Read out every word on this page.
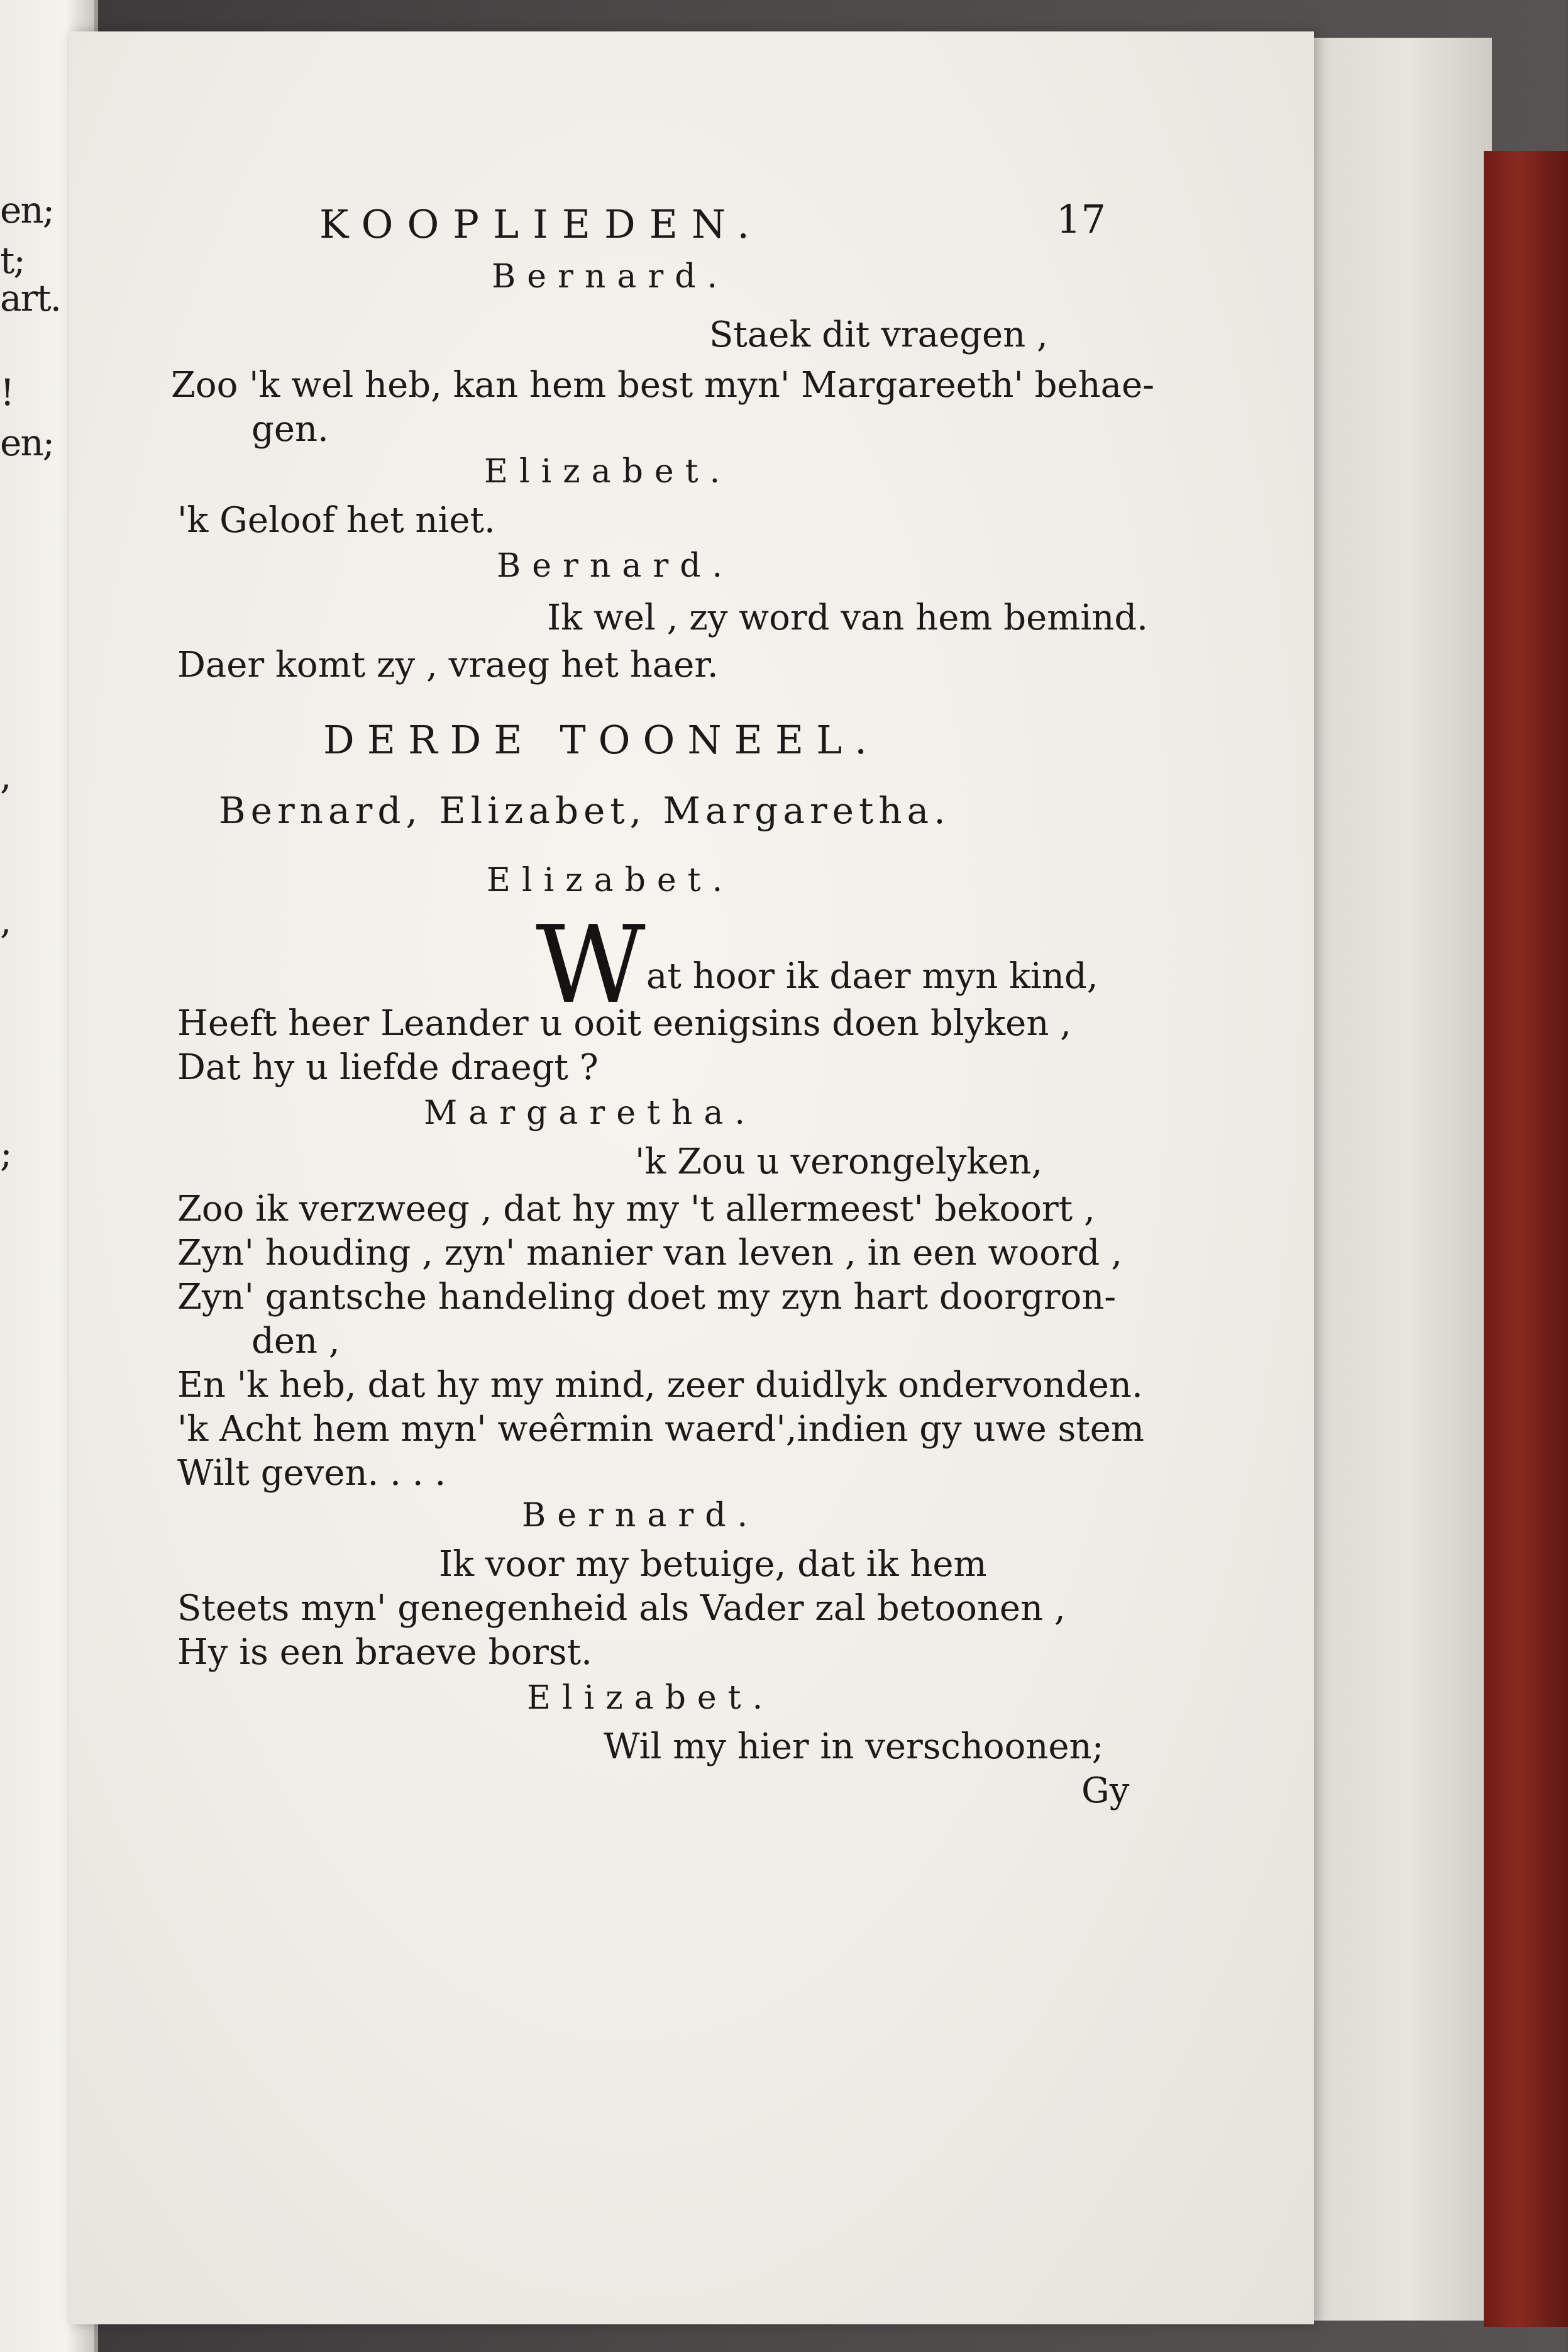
en;
t;
art.
!
en;
,
,
;
KOOPLIEDEN.	17
Bernard.
Staek dit vraegen ,
Zoo 'k wel heb, kan hem best myn' Margareeth' behae-
gen.
Elizabet.
'k Geloof het niet.
Bernard.
Ik wel , zy word van hem bemind.
Daer komt zy , vraeg het haer.
DERDE TOONEEL.
Bernard, Elizabet, Margaretha.
Elizabet.
W at hoor ik daer myn kind,
Heeft heer Leander u ooit eenigsins doen blyken ,
Dat hy u liefde draegt ?
Margaretha.
'k Zou u verongelyken,
Zoo ik verzweeg , dat hy my 't allermeest' bekoort ,
Zyn' houding , zyn' manier van leven , in een woord ,
Zyn' gantsche handeling doet my zyn hart doorgron-
den ,
En 'k heb, dat hy my mind, zeer duidlyk ondervonden.
'k Acht hem myn' weêrmin waerd',indien gy uwe stem
Wilt geven. . . .
Bernard.
Ik voor my betuige, dat ik hem
Steets myn' genegenheid als Vader zal betoonen ,
Hy is een braeve borst.
Elizabet.
Wil my hier in verschoonen;
Gy
